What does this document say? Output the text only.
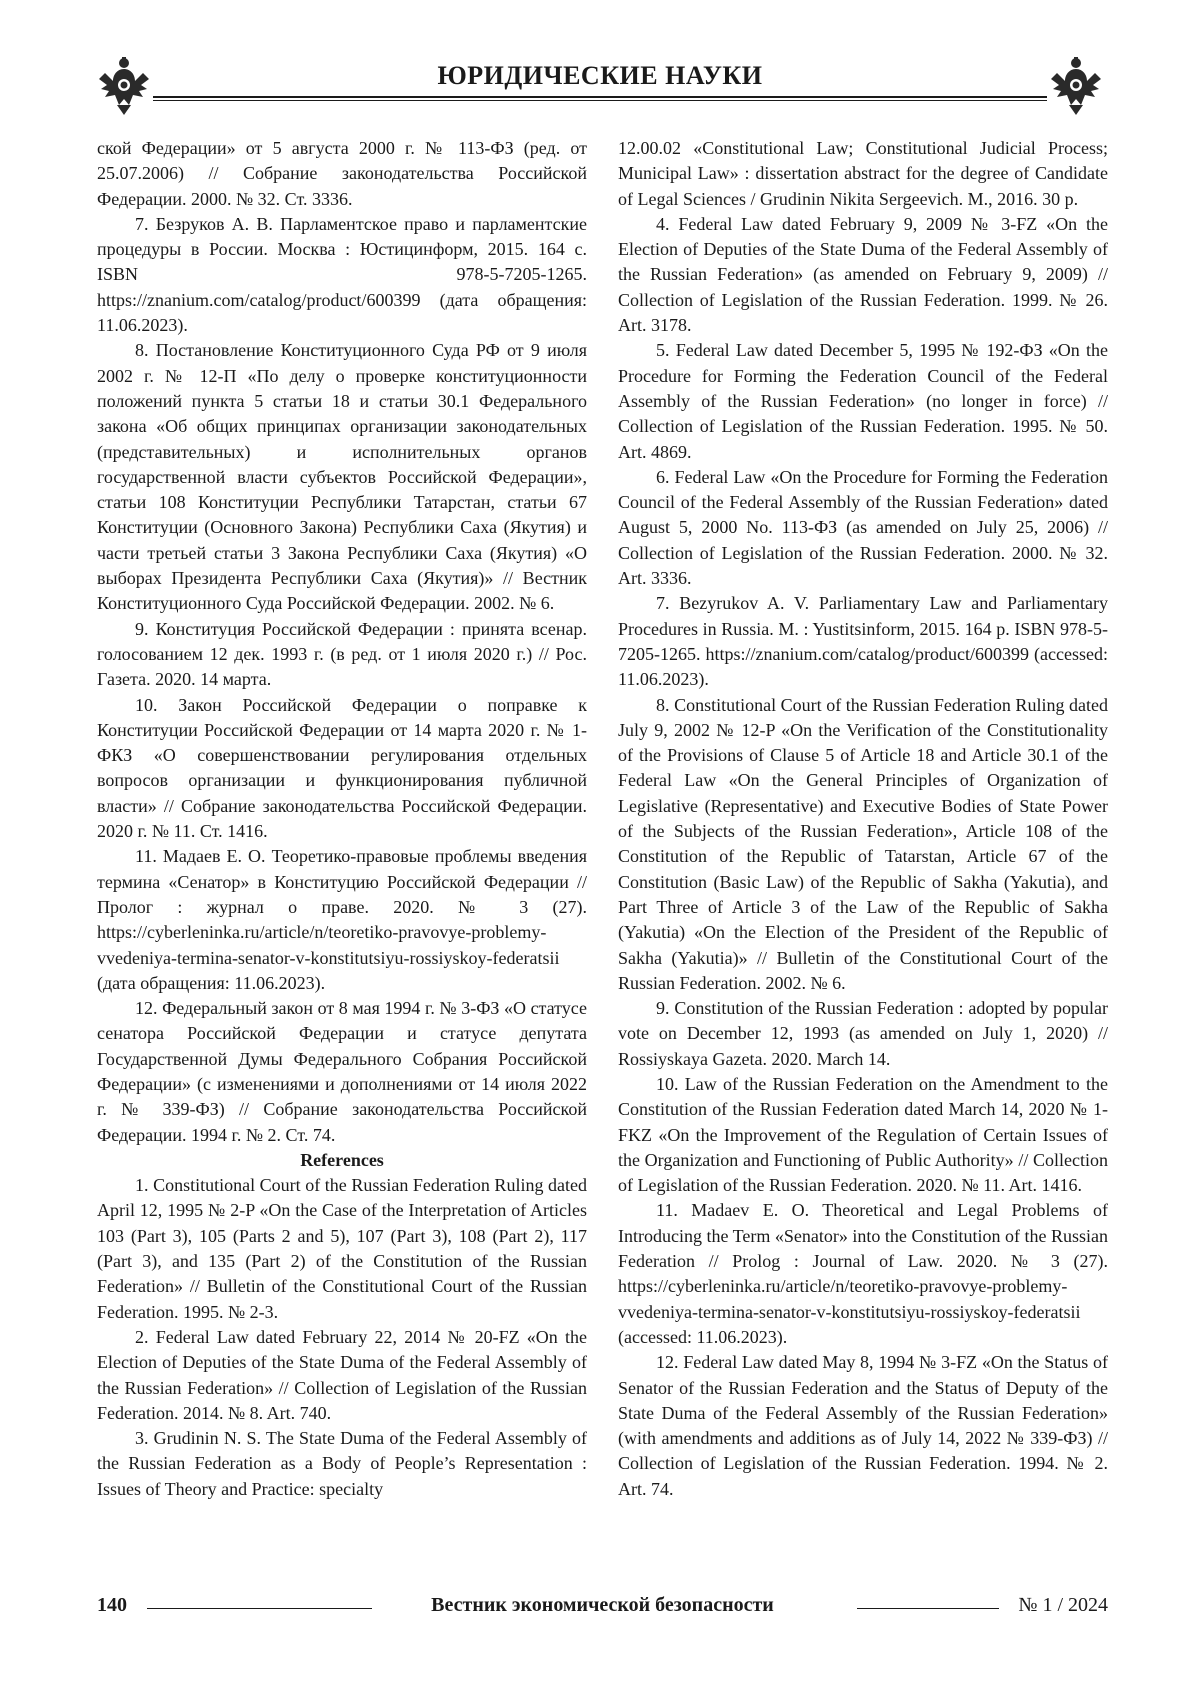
ЮРИДИЧЕСКИЕ НАУКИ

ской Федерации» от 5 августа 2000 г. № 113-ФЗ (ред. от 25.07.2006) // Собрание законодательства Российской Федерации. 2000. № 32. Ст. 3336.

7. Безруков А. В. Парламентское право и парламентские процедуры в России. Москва : Юстицинформ, 2015. 164 с. ISBN 978-5-7205-1265. https://znanium.com/catalog/product/600399 (дата обращения: 11.06.2023).

8. Постановление Конституционного Суда РФ от 9 июля 2002 г. № 12-П «По делу о проверке конституционности положений пункта 5 статьи 18 и статьи 30.1 Федерального закона «Об общих принципах организации законодательных (представительных) и исполнительных органов государственной власти субъектов Российской Федерации», статьи 108 Конституции Республики Татарстан, статьи 67 Конституции (Основного Закона) Республики Саха (Якутия) и части третьей статьи 3 Закона Республики Саха (Якутия) «О выборах Президента Республики Саха (Якутия)» // Вестник Конституционного Суда Российской Федерации. 2002. № 6.

9. Конституция Российской Федерации : принята всенар. голосованием 12 дек. 1993 г. (в ред. от 1 июля 2020 г.) // Рос. Газета. 2020. 14 марта.

10. Закон Российской Федерации о поправке к Конституции Российской Федерации от 14 марта 2020 г. № 1-ФКЗ «О совершенствовании регулирования отдельных вопросов организации и функционирования публичной власти» // Собрание законодательства Российской Федерации. 2020 г. № 11. Ст. 1416.

11. Мадаев Е. О. Теоретико-правовые проблемы введения термина «Сенатор» в Конституцию Российской Федерации // Пролог : журнал о праве. 2020. № 3 (27). https://cyberleninka.ru/article/n/teoretiko-pravovye-problemy-vvedeniya-termina-senator-v-konstitutsiyu-rossiyskoy-federatsii (дата обращения: 11.06.2023).

12. Федеральный закон от 8 мая 1994 г. № 3-ФЗ «О статусе сенатора Российской Федерации и статусе депутата Государственной Думы Федерального Собрания Российской Федерации» (с изменениями и дополнениями от 14 июля 2022 г. № 339-ФЗ) // Собрание законодательства Российской Федерации. 1994 г. № 2. Ст. 74.

References

1. Constitutional Court of the Russian Federation Ruling dated April 12, 1995 № 2-P «On the Case of the Interpretation of Articles 103 (Part 3), 105 (Parts 2 and 5), 107 (Part 3), 108 (Part 2), 117 (Part 3), and 135 (Part 2) of the Constitution of the Russian Federation» // Bulletin of the Constitutional Court of the Russian Federation. 1995. № 2-3.

2. Federal Law dated February 22, 2014 № 20-FZ «On the Election of Deputies of the State Duma of the Federal Assembly of the Russian Federation» // Collection of Legislation of the Russian Federation. 2014. № 8. Art. 740.

3. Grudinin N. S. The State Duma of the Federal Assembly of the Russian Federation as a Body of People’s Representation : Issues of Theory and Practice: specialty

12.00.02 «Constitutional Law; Constitutional Judicial Process; Municipal Law» : dissertation abstract for the degree of Candidate of Legal Sciences / Grudinin Nikita Sergeevich. M., 2016. 30 p.

4. Federal Law dated February 9, 2009 № 3-FZ «On the Election of Deputies of the State Duma of the Federal Assembly of the Russian Federation» (as amended on February 9, 2009) // Collection of Legislation of the Russian Federation. 1999. № 26. Art. 3178.

5. Federal Law dated December 5, 1995 № 192-ФЗ «On the Procedure for Forming the Federation Council of the Federal Assembly of the Russian Federation» (no longer in force) // Collection of Legislation of the Russian Federation. 1995. № 50. Art. 4869.

6. Federal Law «On the Procedure for Forming the Federation Council of the Federal Assembly of the Russian Federation» dated August 5, 2000 No. 113-ФЗ (as amended on July 25, 2006) // Collection of Legislation of the Russian Federation. 2000. № 32. Art. 3336.

7. Bezyrukov A. V. Parliamentary Law and Parliamentary Procedures in Russia. M. : Yustitsinform, 2015. 164 p. ISBN 978-5-7205-1265. https://znanium.com/catalog/product/600399 (accessed: 11.06.2023).

8. Constitutional Court of the Russian Federation Ruling dated July 9, 2002 № 12-P «On the Verification of the Constitutionality of the Provisions of Clause 5 of Article 18 and Article 30.1 of the Federal Law «On the General Principles of Organization of Legislative (Representative) and Executive Bodies of State Power of the Subjects of the Russian Federation», Article 108 of the Constitution of the Republic of Tatarstan, Article 67 of the Constitution (Basic Law) of the Republic of Sakha (Yakutia), and Part Three of Article 3 of the Law of the Republic of Sakha (Yakutia) «On the Election of the President of the Republic of Sakha (Yakutia)» // Bulletin of the Constitutional Court of the Russian Federation. 2002. № 6.

9. Constitution of the Russian Federation : adopted by popular vote on December 12, 1993 (as amended on July 1, 2020) // Rossiyskaya Gazeta. 2020. March 14.

10. Law of the Russian Federation on the Amendment to the Constitution of the Russian Federation dated March 14, 2020 № 1-FKZ «On the Improvement of the Regulation of Certain Issues of the Organization and Functioning of Public Authority» // Collection of Legislation of the Russian Federation. 2020. № 11. Art. 1416.

11. Madaev E. O. Theoretical and Legal Problems of Introducing the Term «Senator» into the Constitution of the Russian Federation // Prolog : Journal of Law. 2020. № 3 (27). https://cyberleninka.ru/article/n/teoretiko-pravovye-problemy-vvedeniya-termina-senator-v-konstitutsiyu-rossiyskoy-federatsii (accessed: 11.06.2023).

12. Federal Law dated May 8, 1994 № 3-FZ «On the Status of Senator of the Russian Federation and the Status of Deputy of the State Duma of the Federal Assembly of the Russian Federation» (with amendments and additions as of July 14, 2022 № 339-ФЗ) // Collection of Legislation of the Russian Federation. 1994. № 2. Art. 74.

140	Вестник экономической безопасности	№ 1 / 2024
